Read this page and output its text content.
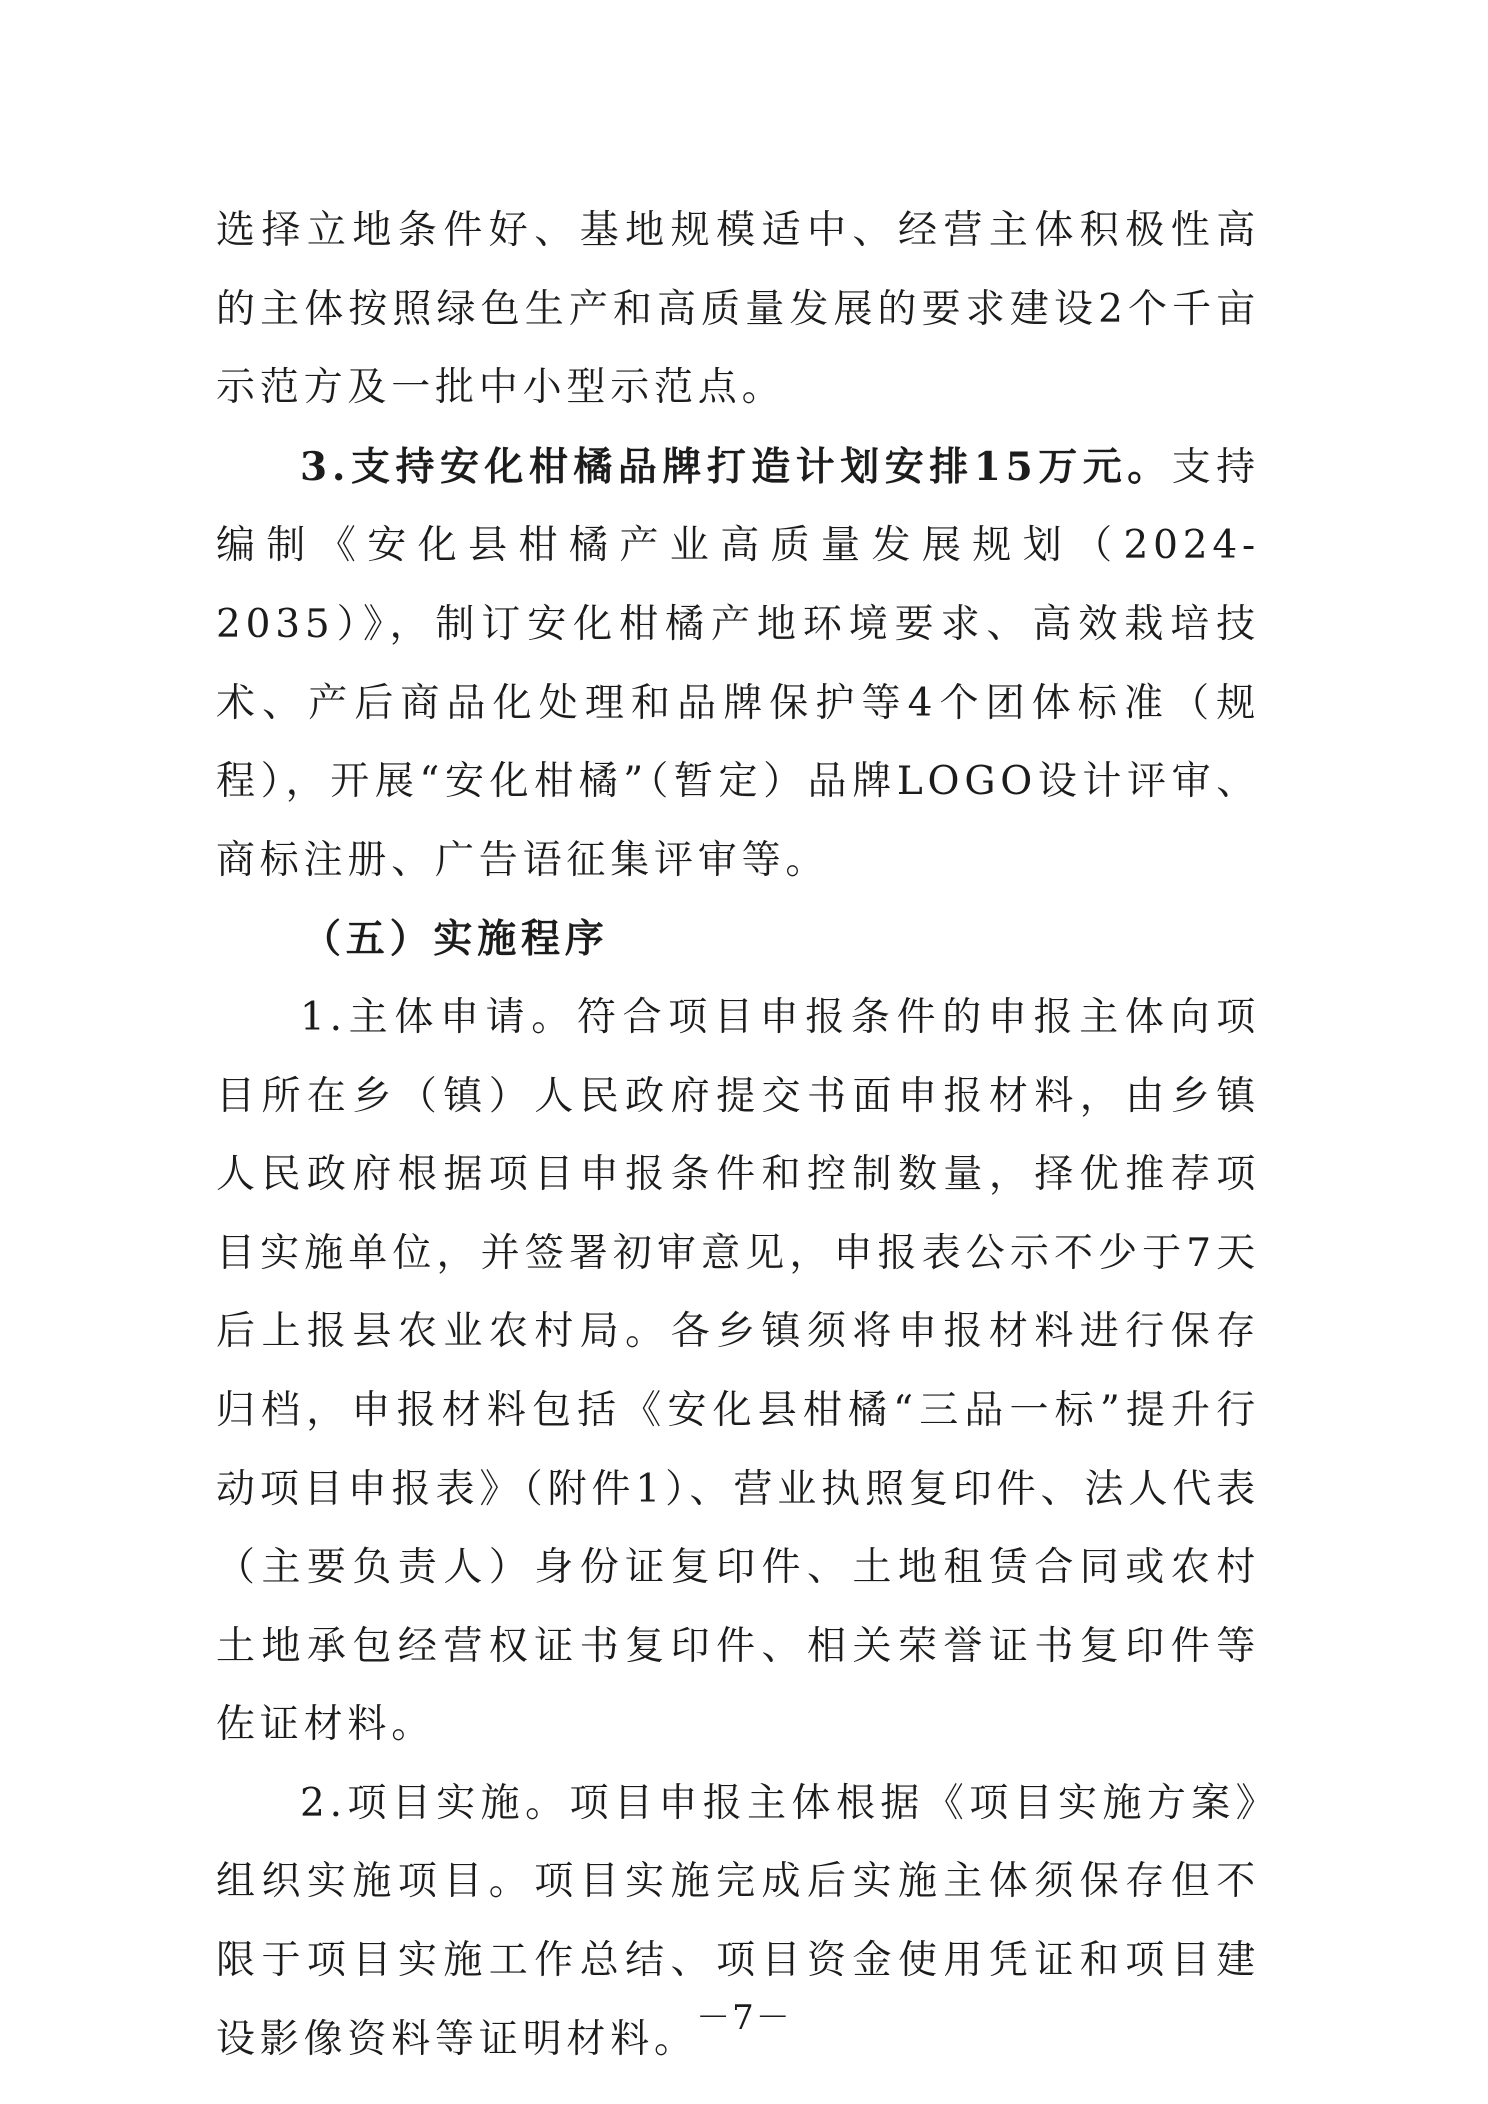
选择立地条件好、基地规模适中、经营主体积极性高的主体按照绿色生产和高质量发展的要求建设2个千亩示范方及一批中小型示范点。

3.支持安化柑橘品牌打造计划安排15万元。支持编制《安化县柑橘产业高质量发展规划（2024-2035）》，制订安化柑橘产地环境要求、高效栽培技术、产后商品化处理和品牌保护等4个团体标准（规程），开展“安化柑橘”（暂定）品牌LOGO设计评审、商标注册、广告语征集评审等。

（五）实施程序

1.主体申请。符合项目申报条件的申报主体向项目所在乡（镇）人民政府提交书面申报材料，由乡镇人民政府根据项目申报条件和控制数量，择优推荐项目实施单位，并签署初审意见，申报表公示不少于7天后上报县农业农村局。各乡镇须将申报材料进行保存归档，申报材料包括《安化县柑橘“三品一标”提升行动项目申报表》（附件1）、营业执照复印件、法人代表（主要负责人）身份证复印件、土地租赁合同或农村土地承包经营权证书复印件、相关荣誉证书复印件等佐证材料。

2.项目实施。项目申报主体根据《项目实施方案》组织实施项目。项目实施完成后实施主体须保存但不限于项目实施工作总结、项目资金使用凭证和项目建设影像资料等证明材料。

－7－
